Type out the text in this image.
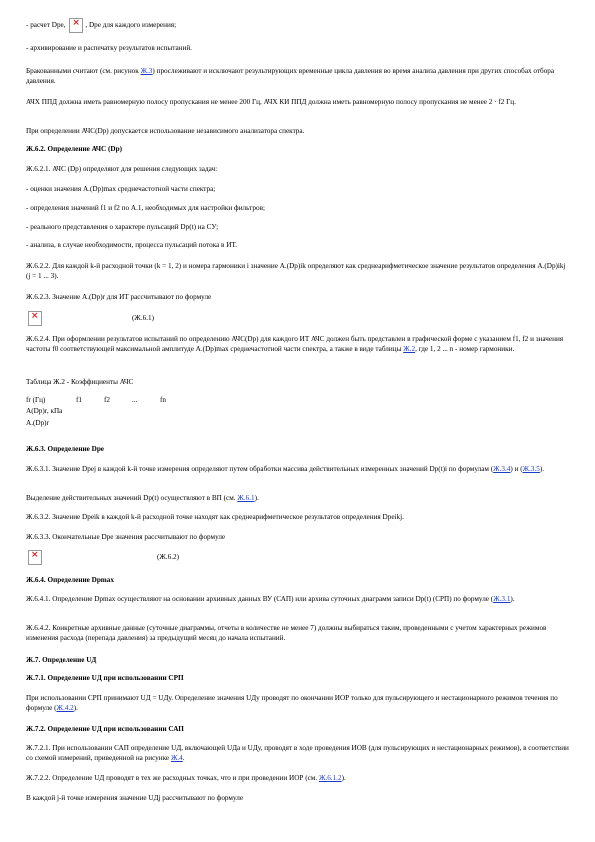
- расчет Dpe, ×	, Dpe для каждого измерения;

- архивирование и распечатку результатов испытаний.

Бракованными считают (см. рисунок Ж.3) прослеживают и исключают результирующих временные цикла давления во время анализа давления при других способах отбора давления.

АЧХ ППД должна иметь равномерную полосу пропускания не менее 200 Гц, АЧХ КИ ППД должна иметь равномерную полосу пропускания не менее 2 · f2 Гц.

При определении АЧС(Dp) допускается использование независимого анализатора спектра.

Ж.6.2. Определение АЧС (Dp)

Ж.6.2.1. АЧС (Dp) определяют для решения следующих задач:

- оценки значения A.(Dp)max среднечастотной части спектра;

- определения значений f1 и f2 по A.1, необходимых для настройки фильтров;

- реального представления о характере пульсаций Dp(t) на СУ;

- анализа, в случае необходимости, процесса пульсаций потока в ИТ.

Ж.6.2.2. Для каждой k-й расходной точки (k = 1, 2) и номера гармоники i значение A.(Dp)ik определяют как среднеарифметическое значение результатов определения A.(Dp)ikj (j = 1 ... 3).

Ж.6.2.3. Значение A.(Dp)r для ИТ рассчитывают по формуле

×
(Ж.6.1)

Ж.6.2.4. При оформлении результатов испытаний по определению АЧС(Dp) для каждого ИТ АЧС должен быть представлен в графической форме с указанием f1, f2 и значения частоты f0 соответствующей максимальной амплитуде A.(Dp)max среднечастотной части спектра, а также в виде таблицы Ж.2, где 1, 2 ... n - номер гармоники.

Таблица Ж.2 - Коэффициенты АЧС

fr (Гц)	f1	f2	...	fn
A(Dp)r, кПа
A.(Dp)r

Ж.6.3. Определение Dpe

Ж.6.3.1. Значение Dpej в каждой k-й точке измерения определяют путем обработки массива действительных измеренных значений Dp(t)i по формулам (Ж.3.4) и (Ж.3.5).

Выделение действительных значений Dp(t) осуществляют в ВП (см. Ж.6.1).

Ж.6.3.2. Значение Dpeik в каждой k-й расходной точке находят как среднеарифметическое результатов определения Dpeikj.

Ж.6.3.3. Окончательные Dpe значения рассчитывают по формуле

×
(Ж.6.2)

Ж.6.4. Определение Dpmax

Ж.6.4.1. Определение Dpmax осуществляют на основании архивных данных ВУ (САП) или архива суточных диаграмм записи Dp(t) (СРП) по формуле (Ж.3.1).

Ж.6.4.2. Конкретные архивные данные (суточные диаграммы, отчеты в количестве не менее 7) должны выбираться таким, проведенными с учетом характерных режимов изменения расхода (перепада давления) за предыдущий месяц до начала испытаний.

Ж.7. Определение UД

Ж.7.1. Определение UД при использовании СРП

При использовании СРП принимают UД = UДу. Определение значения UДу проводят по окончании ИОР только для пульсирующего и нестационарного режимов течения по формуле (Ж.4.2).

Ж.7.2. Определение UД при использовании САП

Ж.7.2.1. При использовании САП определение UД, включающей UДа и UДу, проводят в ходе проведения ИОВ (для пульсирующих и нестационарных режимов), в соответствии со схемой измерений, приведенной на рисунке Ж.4.

Ж.7.2.2. Определение UД проводят в тех же расходных точках, что и при проведении ИОР (см. Ж.6.1.2).

В каждой j-й точке измерения значение UДj рассчитывают по формуле
